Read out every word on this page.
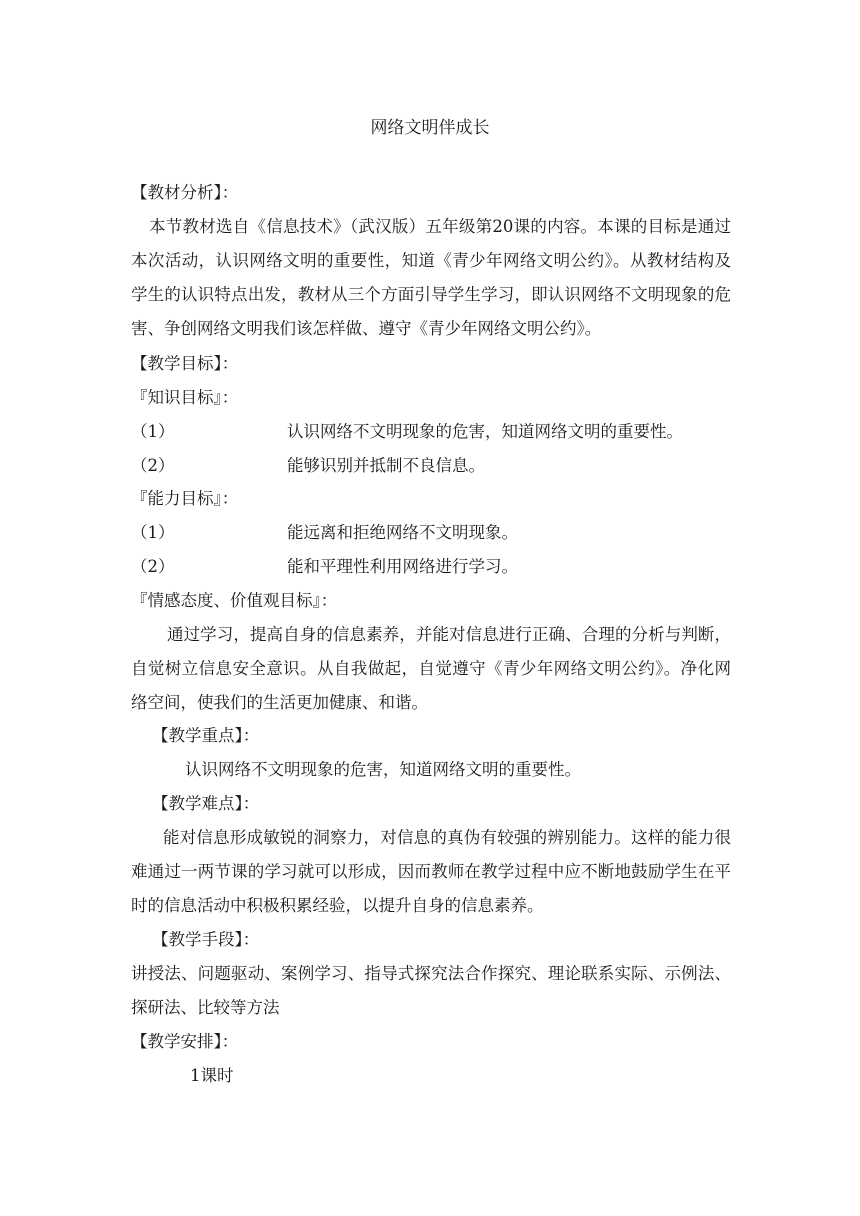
网络文明伴成长
【教材分析】：
本节教材选自《信息技术》（武汉版）五年级第20课的内容。本课的目标是通过本次活动，认识网络文明的重要性，知道《青少年网络文明公约》。从教材结构及学生的认识特点出发，教材从三个方面引导学生学习，即认识网络不文明现象的危害、争创网络文明我们该怎样做、遵守《青少年网络文明公约》。
【教学目标】：
『知识目标』：
（1）	认识网络不文明现象的危害，知道网络文明的重要性。
（2）	能够识别并抵制不良信息。
『能力目标』：
（1）	能远离和拒绝网络不文明现象。
（2）	能和平理性利用网络进行学习。
『情感态度、价值观目标』：
通过学习，提高自身的信息素养，并能对信息进行正确、合理的分析与判断，自觉树立信息安全意识。从自我做起，自觉遵守《青少年网络文明公约》。净化网络空间，使我们的生活更加健康、和谐。
【教学重点】：
认识网络不文明现象的危害，知道网络文明的重要性。
【教学难点】：
能对信息形成敏锐的洞察力，对信息的真伪有较强的辨别能力。这样的能力很难通过一两节课的学习就可以形成，因而教师在教学过程中应不断地鼓励学生在平时的信息活动中积极积累经验，以提升自身的信息素养。
【教学手段】：
讲授法、问题驱动、案例学习、指导式探究法合作探究、理论联系实际、示例法、探研法、比较等方法
【教学安排】：
1课时
